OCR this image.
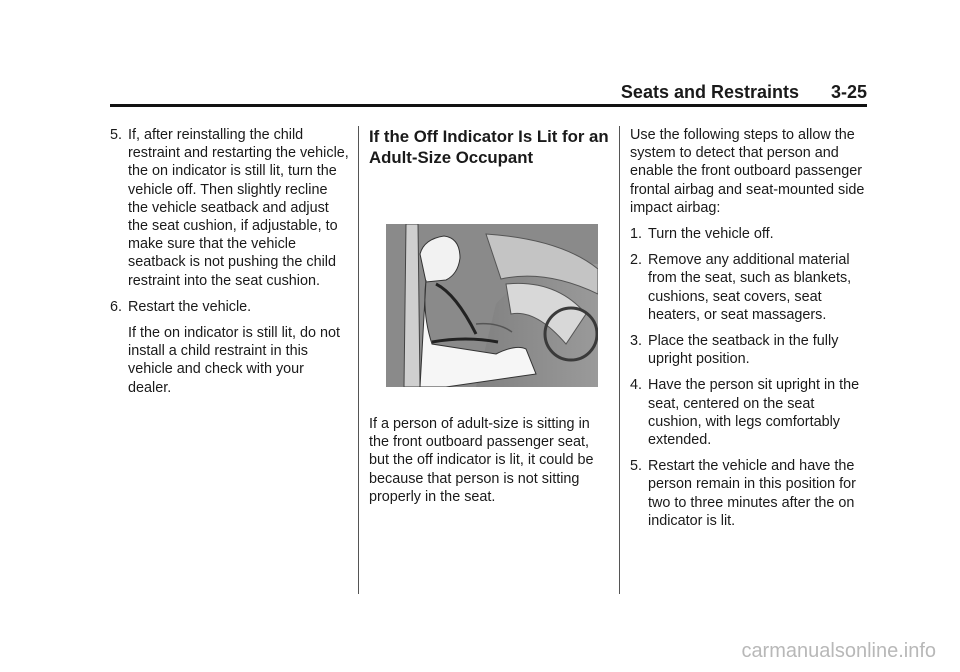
Seats and Restraints 3-25
5. If, after reinstalling the child restraint and restarting the vehicle, the on indicator is still lit, turn the vehicle off. Then slightly recline the vehicle seatback and adjust the seat cushion, if adjustable, to make sure that the vehicle seatback is not pushing the child restraint into the seat cushion.
6. Restart the vehicle.

If the on indicator is still lit, do not install a child restraint in this vehicle and check with your dealer.

If the Off Indicator Is Lit for an Adult-Size Occupant

If a person of adult-size is sitting in the front outboard passenger seat, but the off indicator is lit, it could be because that person is not sitting properly in the seat.

Use the following steps to allow the system to detect that person and enable the front outboard passenger frontal airbag and seat-mounted side impact airbag:

1. Turn the vehicle off.
2. Remove any additional material from the seat, such as blankets, cushions, seat covers, seat heaters, or seat massagers.
3. Place the seatback in the fully upright position.
4. Have the person sit upright in the seat, centered on the seat cushion, with legs comfortably extended.
5. Restart the vehicle and have the person remain in this position for two to three minutes after the on indicator is lit.
carmanualsonline.info
